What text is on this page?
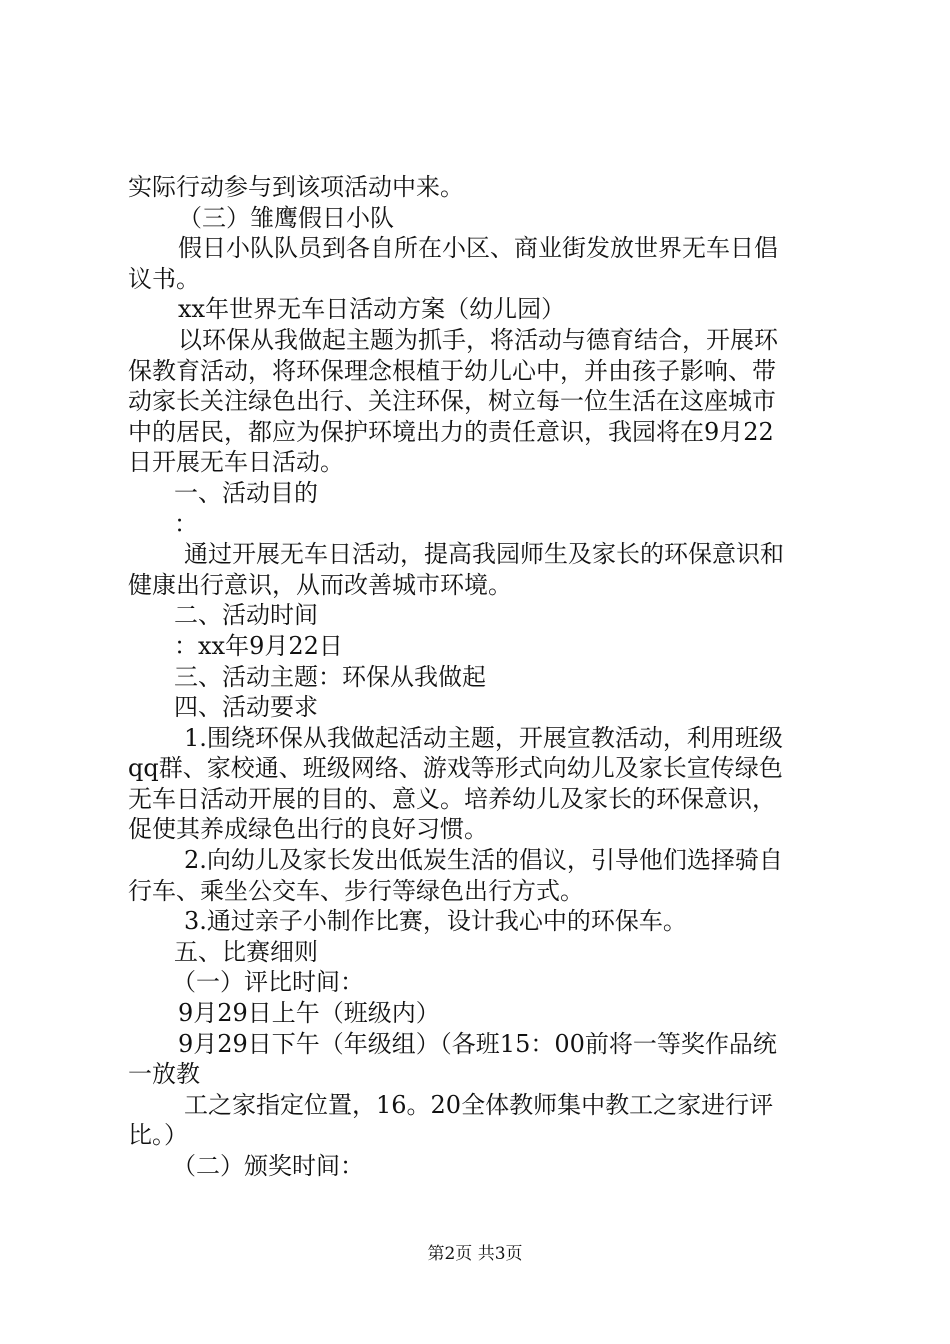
实际行动参与到该项活动中来。

（三）雏鹰假日小队

假日小队队员到各自所在小区、商业街发放世界无车日倡

议书。

xx年世界无车日活动方案（幼儿园）

以环保从我做起主题为抓手，将活动与德育结合，开展环

保教育活动，将环保理念根植于幼儿心中，并由孩子影响、带

动家长关注绿色出行、关注环保，树立每一位生活在这座城市

中的居民，都应为保护环境出力的责任意识，我园将在9月22

日开展无车日活动。

一、活动目的

：

通过开展无车日活动，提高我园师生及家长的环保意识和

健康出行意识，从而改善城市环境。

二、活动时间

：xx年9月22日

三、活动主题：环保从我做起

四、活动要求

1.围绕环保从我做起活动主题，开展宣教活动，利用班级

qq群、家校通、班级网络、游戏等形式向幼儿及家长宣传绿色

无车日活动开展的目的、意义。培养幼儿及家长的环保意识，

促使其养成绿色出行的良好习惯。

2.向幼儿及家长发出低炭生活的倡议，引导他们选择骑自

行车、乘坐公交车、步行等绿色出行方式。

3.通过亲子小制作比赛，设计我心中的环保车。

五、比赛细则

（一）评比时间：

9月29日上午（班级内）

9月29日下午（年级组）（各班15：00前将一等奖作品统

一放教

工之家指定位置，16。20全体教师集中教工之家进行评

比。）

（二）颁奖时间：

第2页 共3页
